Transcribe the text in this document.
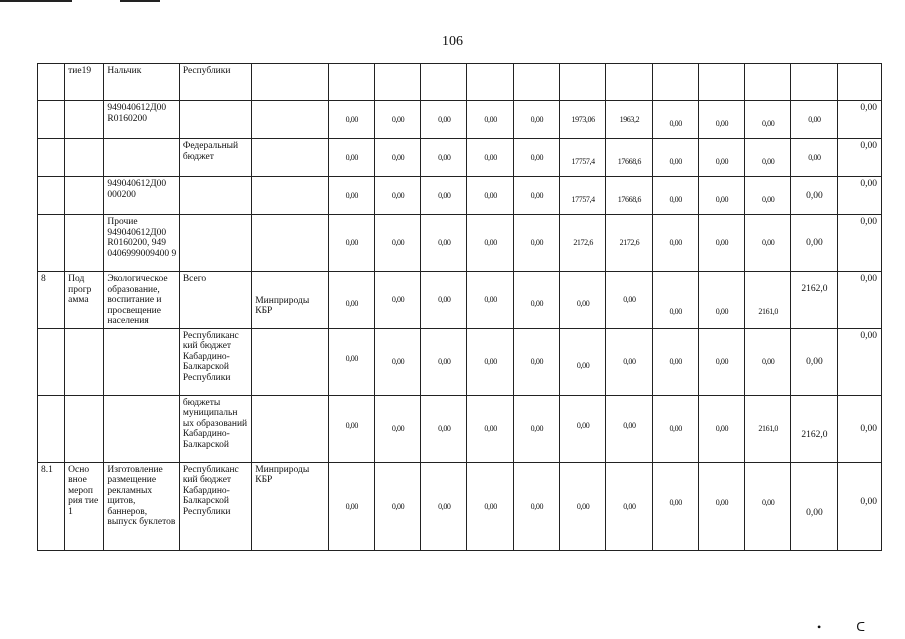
106
	тие19	Нальчик	Республики													
		949040612Д00 R0160200			0,00	0,00	0,00	0,00	0,00	1973,06	1963,2	0,00	0,00	0,00	0,00	0,00
			Федеральный бюджет		0,00	0,00	0,00	0,00	0,00	17757,4	17668,6	0,00	0,00	0,00	0,00	0,00
		949040612Д00 000200			0,00	0,00	0,00	0,00	0,00	17757,4	17668,6	0,00	0,00	0,00	0,00	0,00
		Прочие 949040612Д00 R0160200, 949 0406999009400 9			0,00	0,00	0,00	0,00	0,00	2172,6	2172,6	0,00	0,00	0,00	0,00	0,00
8	Под прогр амма	Экологическое образование, воспитание и просвещение населения	Всего	Минприроды КБР	0,00	0,00	0,00	0,00	0,00	0,00	0,00	0,00	0,00	2161,0	2162,0	0,00
			Республиканс кий бюджет Кабардино-Балкарской Республики		0,00	0,00	0,00	0,00	0,00	0,00	0,00	0,00	0,00	0,00	0,00	0,00
			бюджеты муниципальн ых образований Кабардино-Балкарской		0,00	0,00	0,00	0,00	0,00	0,00	0,00	0,00	0,00	2161,0	2162,0	0,00
8.1	Осно вное мероп рия тие 1	Изготовление размещение рекламных щитов, баннеров, выпуск буклетов	Республиканс кий бюджет Кабардино-Балкарской Республики	Минприроды КБР	0,00	0,00	0,00	0,00	0,00	0,00	0,00	0,00	0,00	0,00	0,00	0,00
• ᑕ
